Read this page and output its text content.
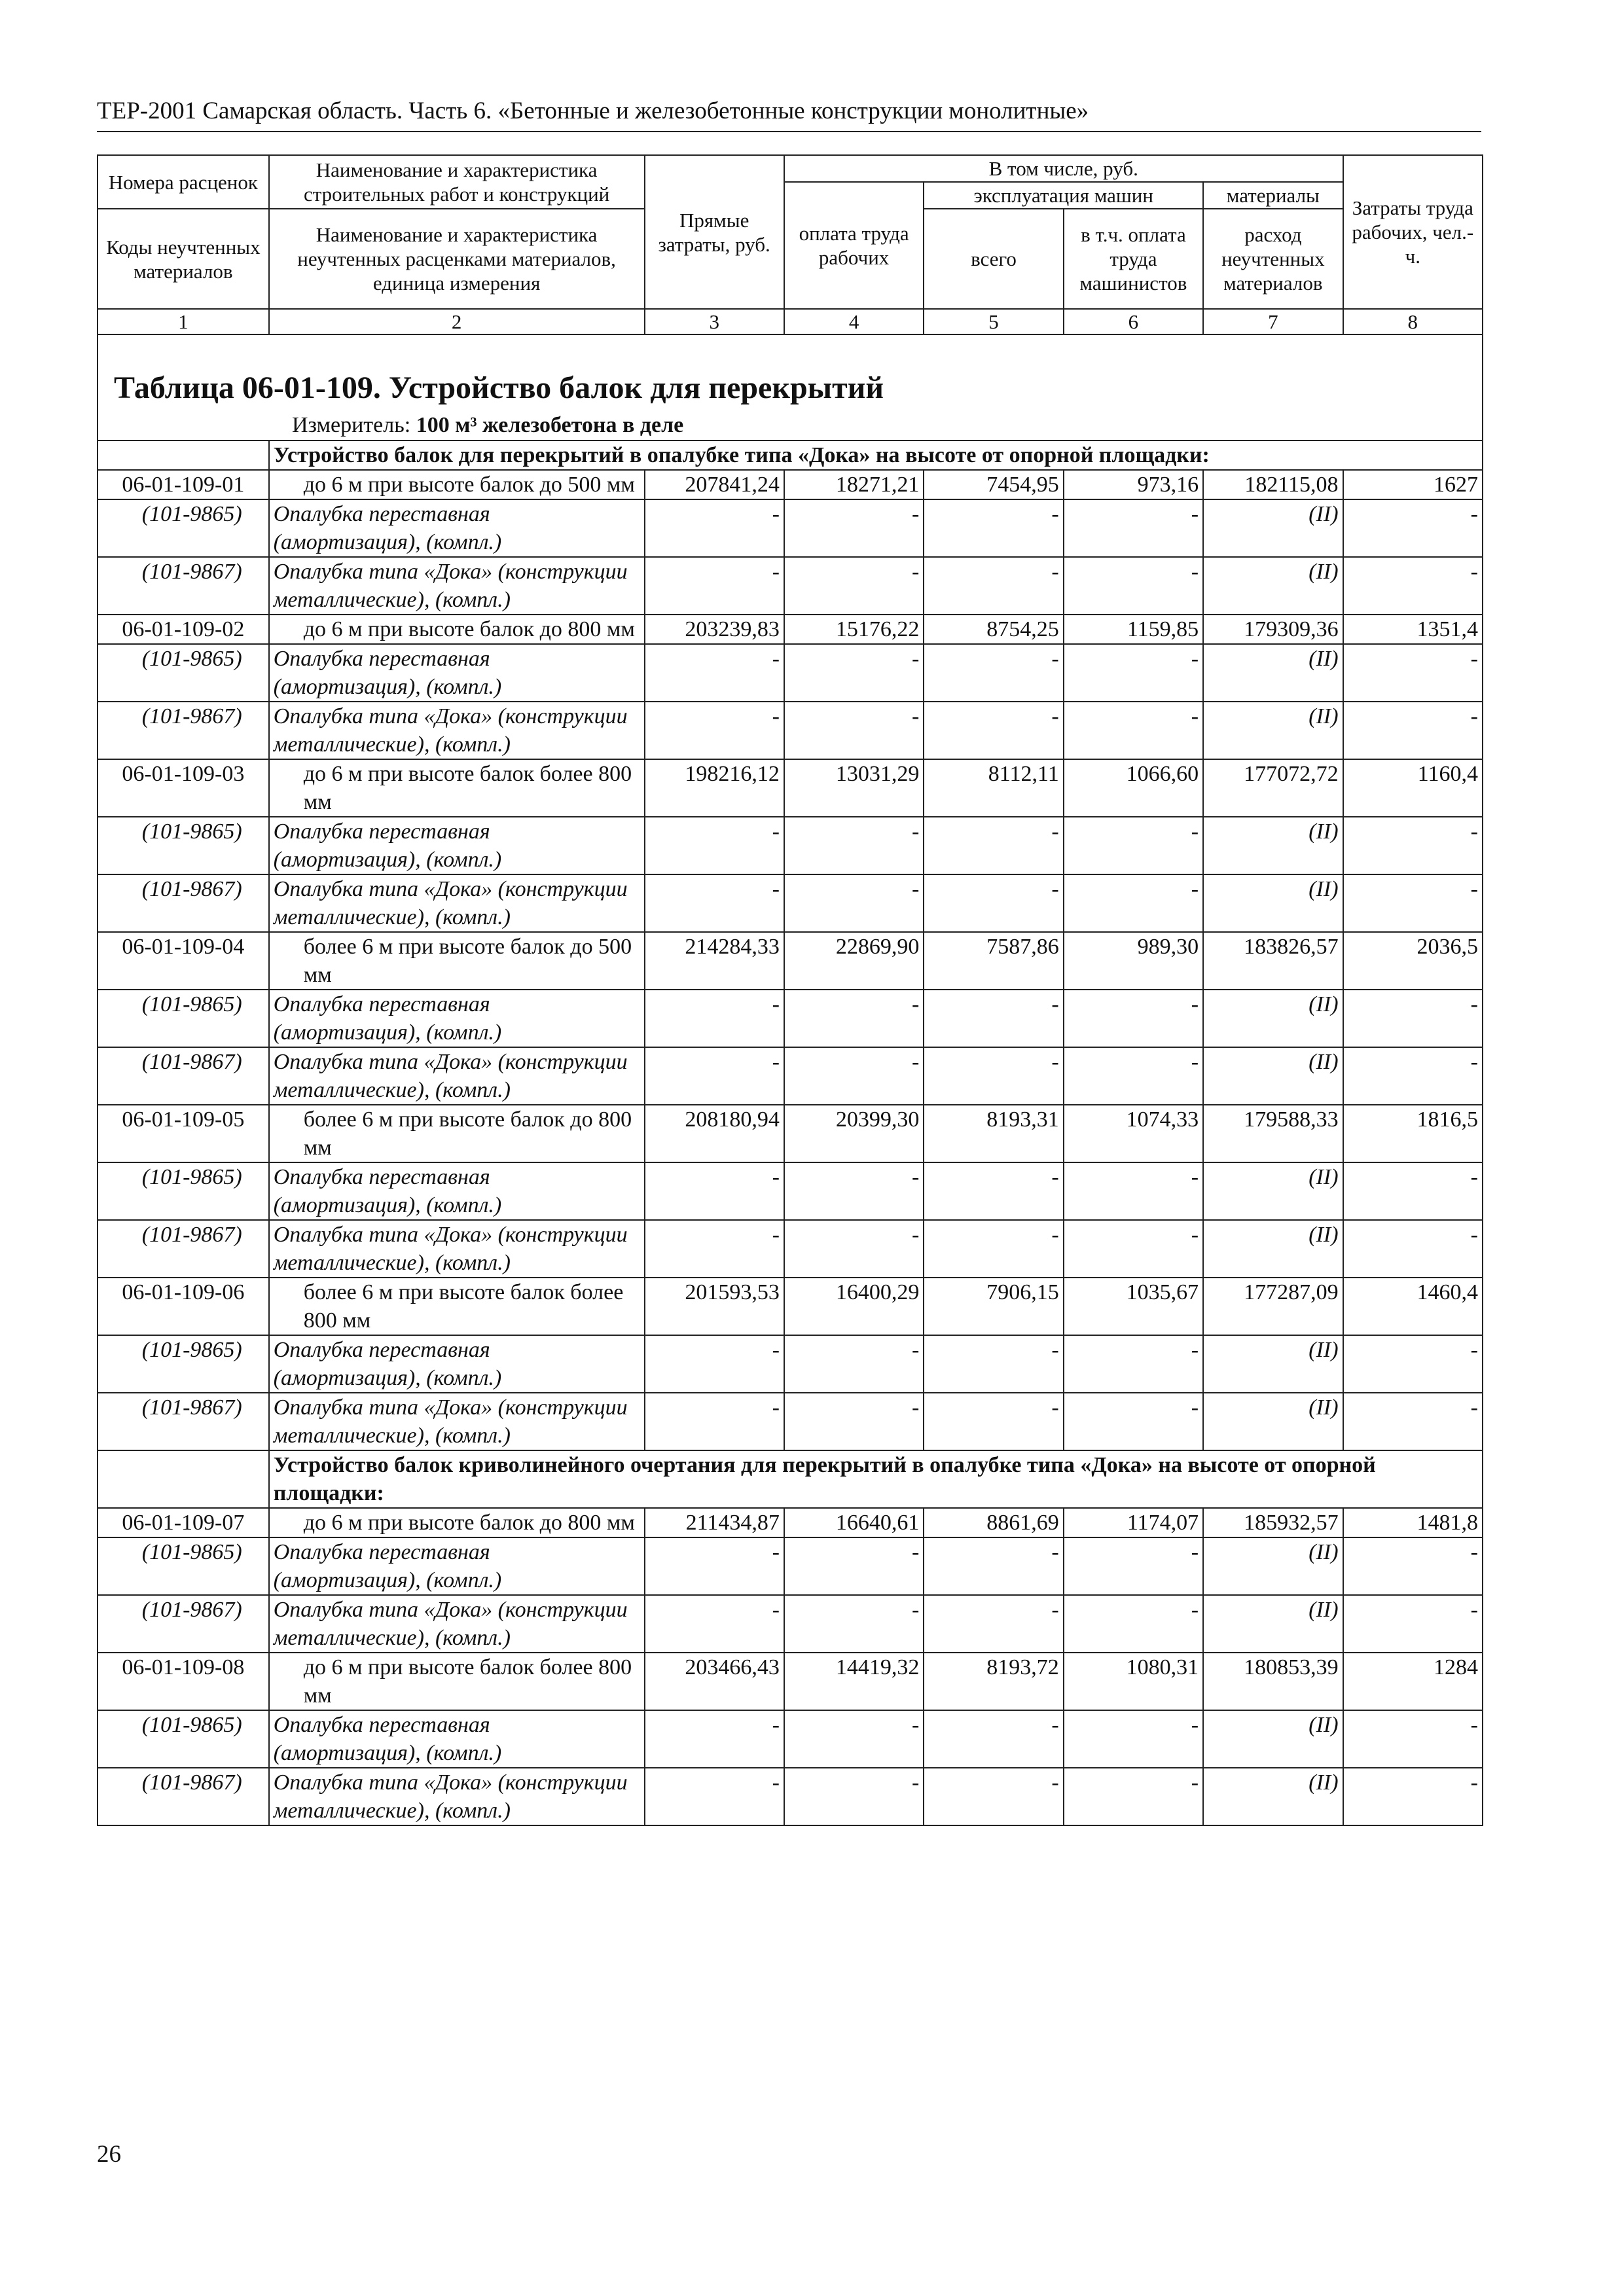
ТЕР-2001 Самарская область. Часть 6. «Бетонные и железобетонные конструкции монолитные»
Номера расценок	Наименование и характеристика строительных работ и конструкций	Прямые затраты, руб.	В том числе, руб.				Затраты труда рабочих, чел.-ч.
			оплата труда рабочих	эксплуатация машин		материалы	
Коды неучтенных материалов	Наименование и характеристика неучтенных расценками материалов, единица измерения			всего	в т.ч. оплата труда машинистов	расход неучтенных материалов	

1	2	3	4	5	6	7	8

Таблица 06-01-109. Устройство балок для перекрытий
Измеритель: 100 м³ железобетона в деле							

	Устройство балок для перекрытий в опалубке типа «Дока» на высоте от опорной площадки:						
06-01-109-01	до 6 м при высоте балок до 500 мм	207841,24	18271,21	7454,95	973,16	182115,08	1627
(101-9865)	Опалубка переставная (амортизация), (компл.)	-	-	-	-	(II)	-
(101-9867)	Опалубка типа «Дока» (конструкции металлические), (компл.)	-	-	-	-	(II)	-
06-01-109-02	до 6 м при высоте балок до 800 мм	203239,83	15176,22	8754,25	1159,85	179309,36	1351,4
(101-9865)	Опалубка переставная (амортизация), (компл.)	-	-	-	-	(II)	-
(101-9867)	Опалубка типа «Дока» (конструкции металлические), (компл.)	-	-	-	-	(II)	-
06-01-109-03	до 6 м при высоте балок более 800 мм	198216,12	13031,29	8112,11	1066,60	177072,72	1160,4
(101-9865)	Опалубка переставная (амортизация), (компл.)	-	-	-	-	(II)	-
(101-9867)	Опалубка типа «Дока» (конструкции металлические), (компл.)	-	-	-	-	(II)	-
06-01-109-04	более 6 м при высоте балок до 500 мм	214284,33	22869,90	7587,86	989,30	183826,57	2036,5
(101-9865)	Опалубка переставная (амортизация), (компл.)	-	-	-	-	(II)	-
(101-9867)	Опалубка типа «Дока» (конструкции металлические), (компл.)	-	-	-	-	(II)	-
06-01-109-05	более 6 м при высоте балок до 800 мм	208180,94	20399,30	8193,31	1074,33	179588,33	1816,5
(101-9865)	Опалубка переставная (амортизация), (компл.)	-	-	-	-	(II)	-
(101-9867)	Опалубка типа «Дока» (конструкции металлические), (компл.)	-	-	-	-	(II)	-
06-01-109-06	более 6 м при высоте балок более 800 мм	201593,53	16400,29	7906,15	1035,67	177287,09	1460,4
(101-9865)	Опалубка переставная (амортизация), (компл.)	-	-	-	-	(II)	-
(101-9867)	Опалубка типа «Дока» (конструкции металлические), (компл.)	-	-	-	-	(II)	-
	Устройство балок криволинейного очертания для перекрытий в опалубке типа «Дока» на высоте от опорной площадки:						
06-01-109-07	до 6 м при высоте балок до 800 мм	211434,87	16640,61	8861,69	1174,07	185932,57	1481,8
(101-9865)	Опалубка переставная (амортизация), (компл.)	-	-	-	-	(II)	-
(101-9867)	Опалубка типа «Дока» (конструкции металлические), (компл.)	-	-	-	-	(II)	-
06-01-109-08	до 6 м при высоте балок более 800 мм	203466,43	14419,32	8193,72	1080,31	180853,39	1284
(101-9865)	Опалубка переставная (амортизация), (компл.)	-	-	-	-	(II)	-
(101-9867)	Опалубка типа «Дока» (конструкции металлические), (компл.)	-	-	-	-	(II)	-
26
